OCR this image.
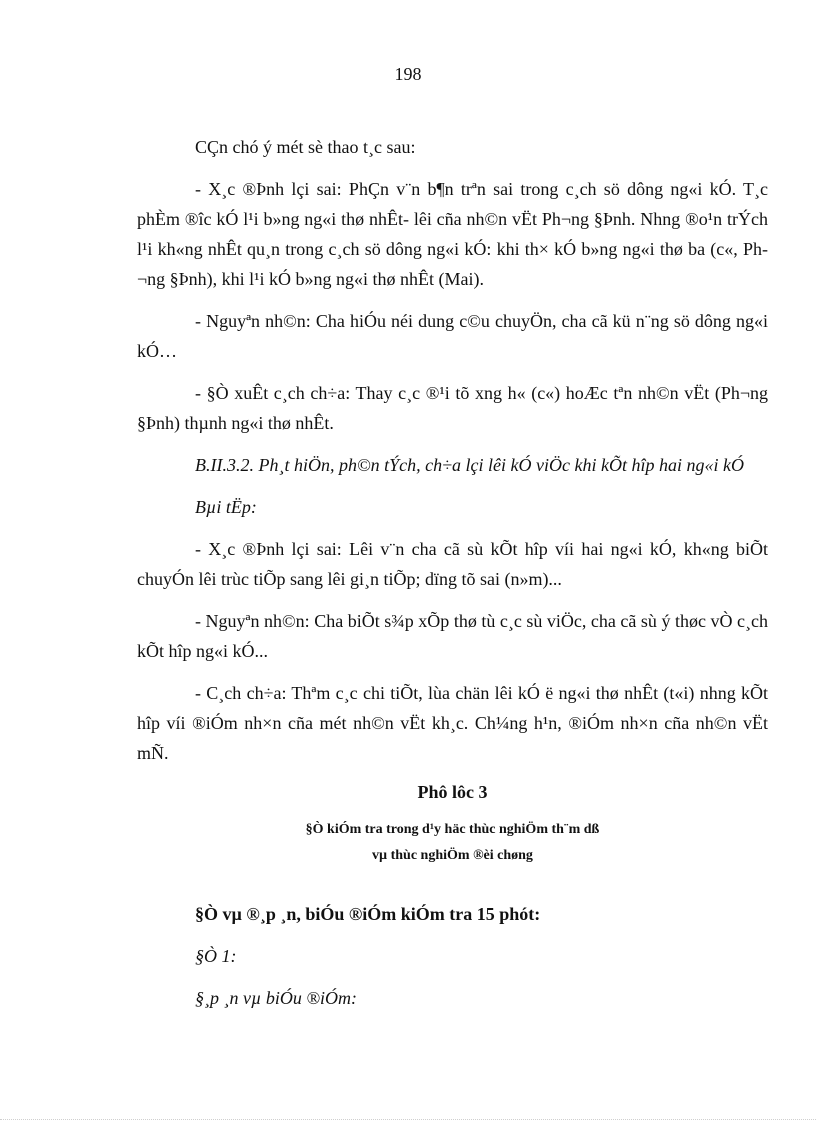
198

CÇn chó ý mét sè thao t¸c sau:

- X¸c ®Þnh lçi sai: PhÇn v¨n b¶n trªn sai trong c¸ch sö dông ng«i kÓ. T¸c phÈm ®îc kÓ l¹i b»ng ng«i thø nhÊt- lêi cña nh©n vËt Ph¬ng §Þnh. Nhng ®o¹n trÝch l¹i kh«ng nhÊt qu¸n trong c¸ch sö dông ng«i kÓ: khi th× kÓ b»ng ng«i thø ba (c«, Ph¬ng §Þnh), khi l¹i kÓ b»ng ng«i thø nhÊt (Mai).

- Nguyªn nh©n: Cha hiÓu néi dung c©u chuyÖn, cha cã kü n¨ng sö dông ng«i kÓ…

- §Ò xuÊt c¸ch ch÷a: Thay c¸c ®¹i tõ xng h« (c«) hoÆc tªn nh©n vËt (Ph¬ng §Þnh) thµnh ng«i thø nhÊt.

B.II.3.2. Ph¸t hiÖn, ph©n tÝch, ch÷a lçi lêi kÓ viÖc khi kÕt hîp hai ng«i kÓ

Bµi tËp:

- X¸c ®Þnh lçi sai: Lêi v¨n cha cã sù kÕt hîp víi hai ng«i kÓ, kh«ng biÕt chuyÓn lêi trùc tiÕp sang lêi gi¸n tiÕp; dïng tõ sai (n»m)...

- Nguyªn nh©n: Cha biÕt s¾p xÕp thø tù c¸c sù viÖc, cha cã sù ý thøc vÒ c¸ch kÕt hîp ng«i kÓ...

- C¸ch ch÷a: Thªm c¸c chi tiÕt, lùa chän lêi kÓ ë ng«i thø nhÊt (t«i) nhng kÕt hîp víi ®iÓm nh×n cña mét nh©n vËt kh¸c. Ch¼ng h¹n, ®iÓm nh×n cña nh©n vËt mÑ.

Phô lôc 3

§Ò kiÓm tra trong d¹y häc thùc nghiÖm th¨m dß

vµ thùc nghiÖm ®èi chøng

§Ò vµ ®¸p ¸n, biÓu ®iÓm kiÓm tra 15 phót:

§Ò 1:

§¸p ¸n vµ biÓu ®iÓm:
